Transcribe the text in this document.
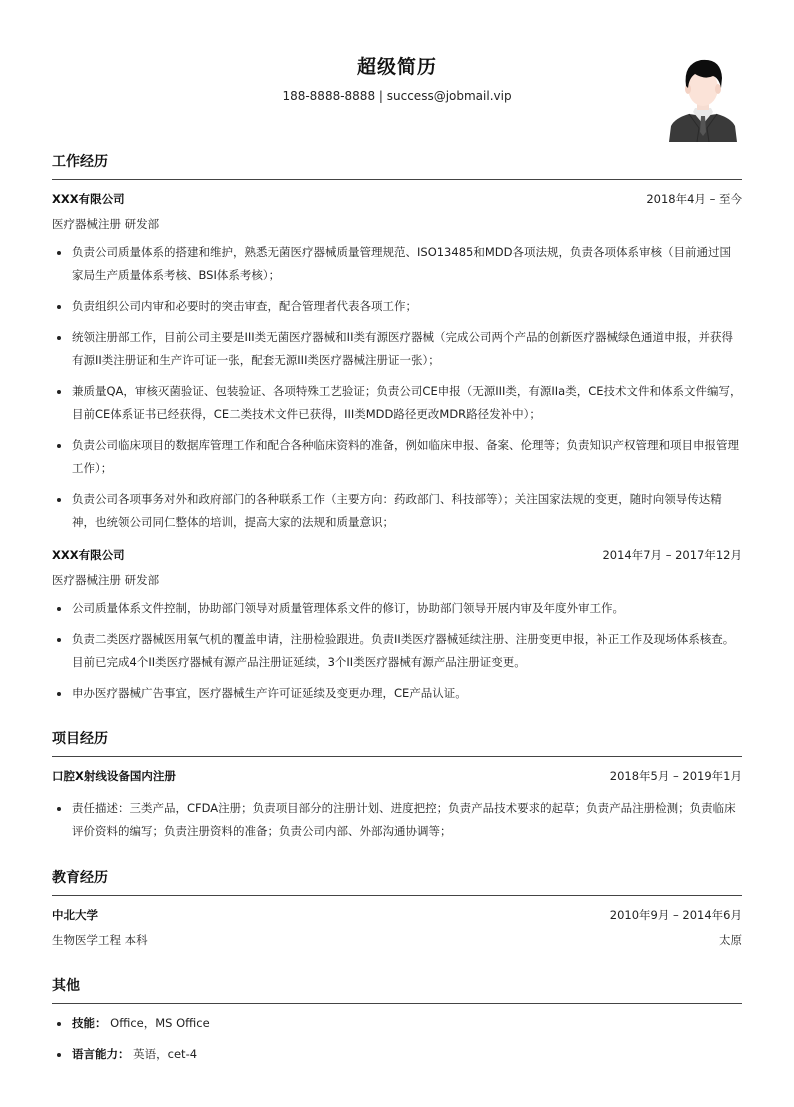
超级简历
188-8888-8888 | success@jobmail.vip
工作经历
XXX有限公司	2018年4月 – 至今
医疗器械注册 研发部
负责公司质量体系的搭建和维护，熟悉无菌医疗器械质量管理规范、ISO13485和MDD各项法规，负责各项体系审核（目前通过国家局生产质量体系考核、BSI体系考核）；
负责组织公司内审和必要时的突击审查，配合管理者代表各项工作；
统领注册部工作，目前公司主要是III类无菌医疗器械和II类有源医疗器械（完成公司两个产品的创新医疗器械绿色通道申报，并获得有源II类注册证和生产许可证一张，配套无源III类医疗器械注册证一张）；
兼质量QA，审核灭菌验证、包装验证、各项特殊工艺验证；负责公司CE申报（无源III类，有源IIa类，CE技术文件和体系文件编写，目前CE体系证书已经获得，CE二类技术文件已获得，III类MDD路径更改MDR路径发补中）；
负责公司临床项目的数据库管理工作和配合各种临床资料的准备，例如临床申报、备案、伦理等；负责知识产权管理和项目申报管理工作）；
负责公司各项事务对外和政府部门的各种联系工作（主要方向：药政部门、科技部等）；关注国家法规的变更，随时向领导传达精神，也统领公司同仁整体的培训，提高大家的法规和质量意识；
XXX有限公司	2014年7月 – 2017年12月
医疗器械注册 研发部
公司质量体系文件控制，协助部门领导对质量管理体系文件的修订，协助部门领导开展内审及年度外审工作。
负责二类医疗器械医用氧气机的覆盖申请，注册检验跟进。负责II类医疗器械延续注册、注册变更申报，补正工作及现场体系核查。目前已完成4个II类医疗器械有源产品注册证延续，3个II类医疗器械有源产品注册证变更。
申办医疗器械广告事宜，医疗器械生产许可证延续及变更办理，CE产品认证。
项目经历
口腔X射线设备国内注册	2018年5月 – 2019年1月
责任描述：三类产品，CFDA注册；负责项目部分的注册计划、进度把控；负责产品技术要求的起草；负责产品注册检测；负责临床评价资料的编写；负责注册资料的准备；负责公司内部、外部沟通协调等；
教育经历
中北大学	2010年9月 – 2014年6月
生物医学工程 本科	太原
其他
技能： Office，MS Office
语言能力： 英语，cet-4
